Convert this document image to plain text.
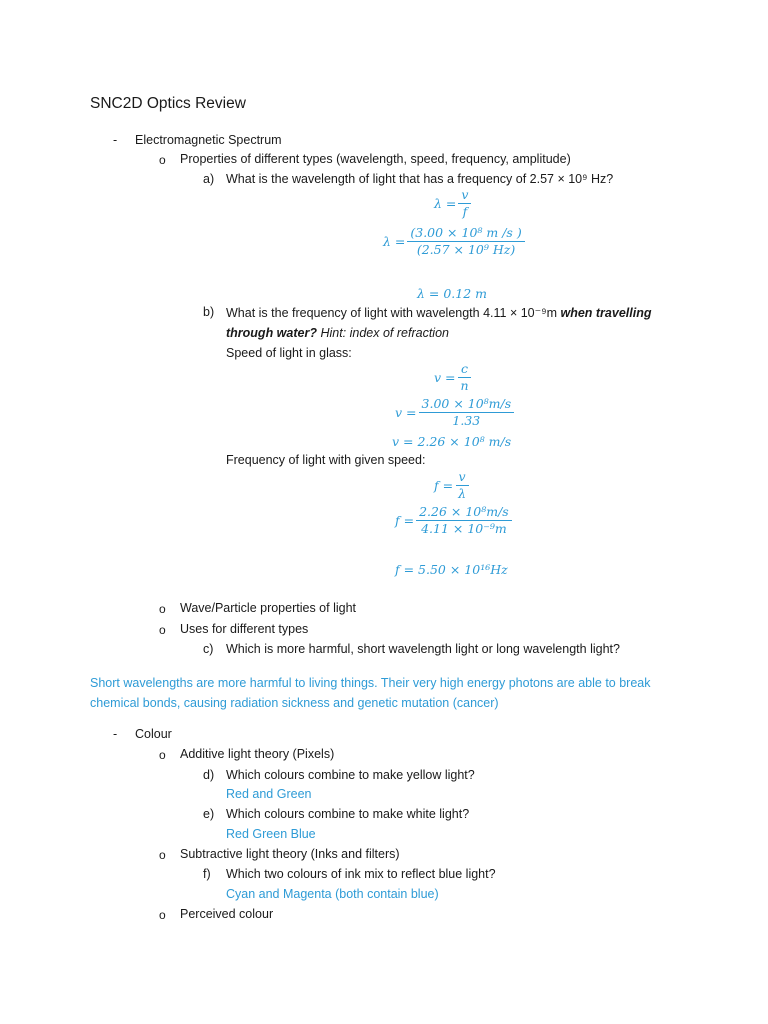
SNC2D Optics Review
- Electromagnetic Spectrum
o Properties of different types (wavelength, speed, frequency, amplitude)
a) What is the wavelength of light that has a frequency of 2.57 × 10⁹ Hz?
$\lambda = \frac{v}{f}$
$\lambda = \frac{\text{(3.00 × 10⁸ m /s )}}{\text{(2.57 × 10⁹ Hz)}}$
λ = 0.12 m
b) What is the frequency of light with wavelength 4.11 × 10⁻⁹m when travelling
through water? Hint: index of refraction
Speed of light in glass:
$v = \frac{c}{n}$
$v = \frac{\text{3.00 × 10⁸m/s}}{1.33}$
v = 2.26 × 10⁸ m/s
Frequency of light with given speed:
$f = \frac{v}{\lambda}$
$f = \frac{\text{2.26 × 10⁸m/s}}{\text{4.11 × 10⁻⁹m}}$
f = 5.50 × 10¹⁶Hz
o Wave/Particle properties of light
o Uses for different types
c) Which is more harmful, short wavelength light or long wavelength light?
Short wavelengths are more harmful to living things. Their very high energy photons are able to break chemical bonds, causing radiation sickness and genetic mutation (cancer)
- Colour
o Additive light theory (Pixels)
d) Which colours combine to make yellow light?
Red and Green
e) Which colours combine to make white light?
Red Green Blue
o Subtractive light theory (Inks and filters)
f) Which two colours of ink mix to reflect blue light?
Cyan and Magenta (both contain blue)
o Perceived colour
